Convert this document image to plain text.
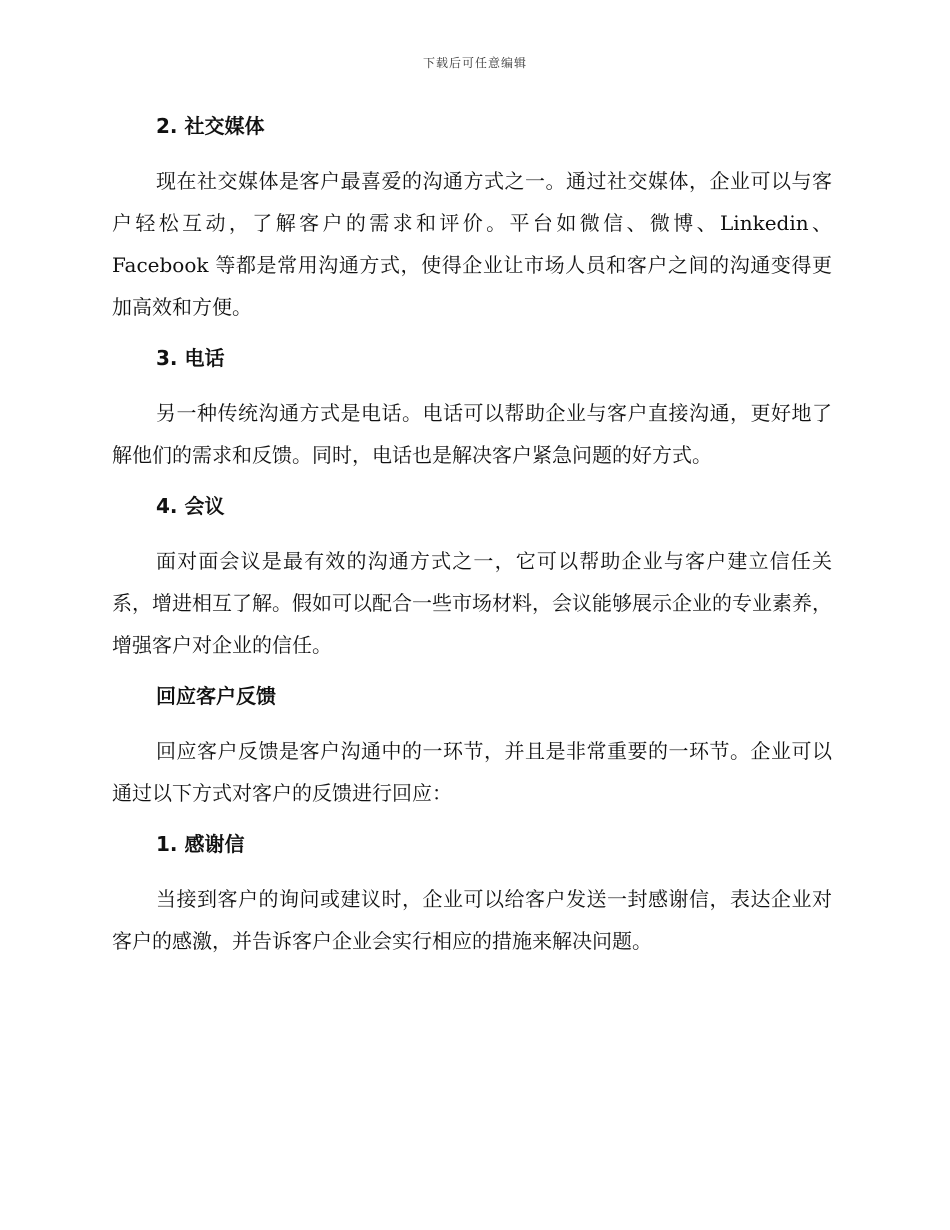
下载后可任意编辑

2. 社交媒体

现在社交媒体是客户最喜爱的沟通方式之一。通过社交媒体，企业可以与客户轻松互动，了解客户的需求和评价。平台如微信、微博、Linkedin、Facebook 等都是常用沟通方式，使得企业让市场人员和客户之间的沟通变得更加高效和方便。

3. 电话

另一种传统沟通方式是电话。电话可以帮助企业与客户直接沟通，更好地了解他们的需求和反馈。同时，电话也是解决客户紧急问题的好方式。

4. 会议

面对面会议是最有效的沟通方式之一，它可以帮助企业与客户建立信任关系，增进相互了解。假如可以配合一些市场材料，会议能够展示企业的专业素养，增强客户对企业的信任。

回应客户反馈

回应客户反馈是客户沟通中的一环节，并且是非常重要的一环节。企业可以通过以下方式对客户的反馈进行回应：

1. 感谢信

当接到客户的询问或建议时，企业可以给客户发送一封感谢信，表达企业对客户的感激，并告诉客户企业会实行相应的措施来解决问题。
